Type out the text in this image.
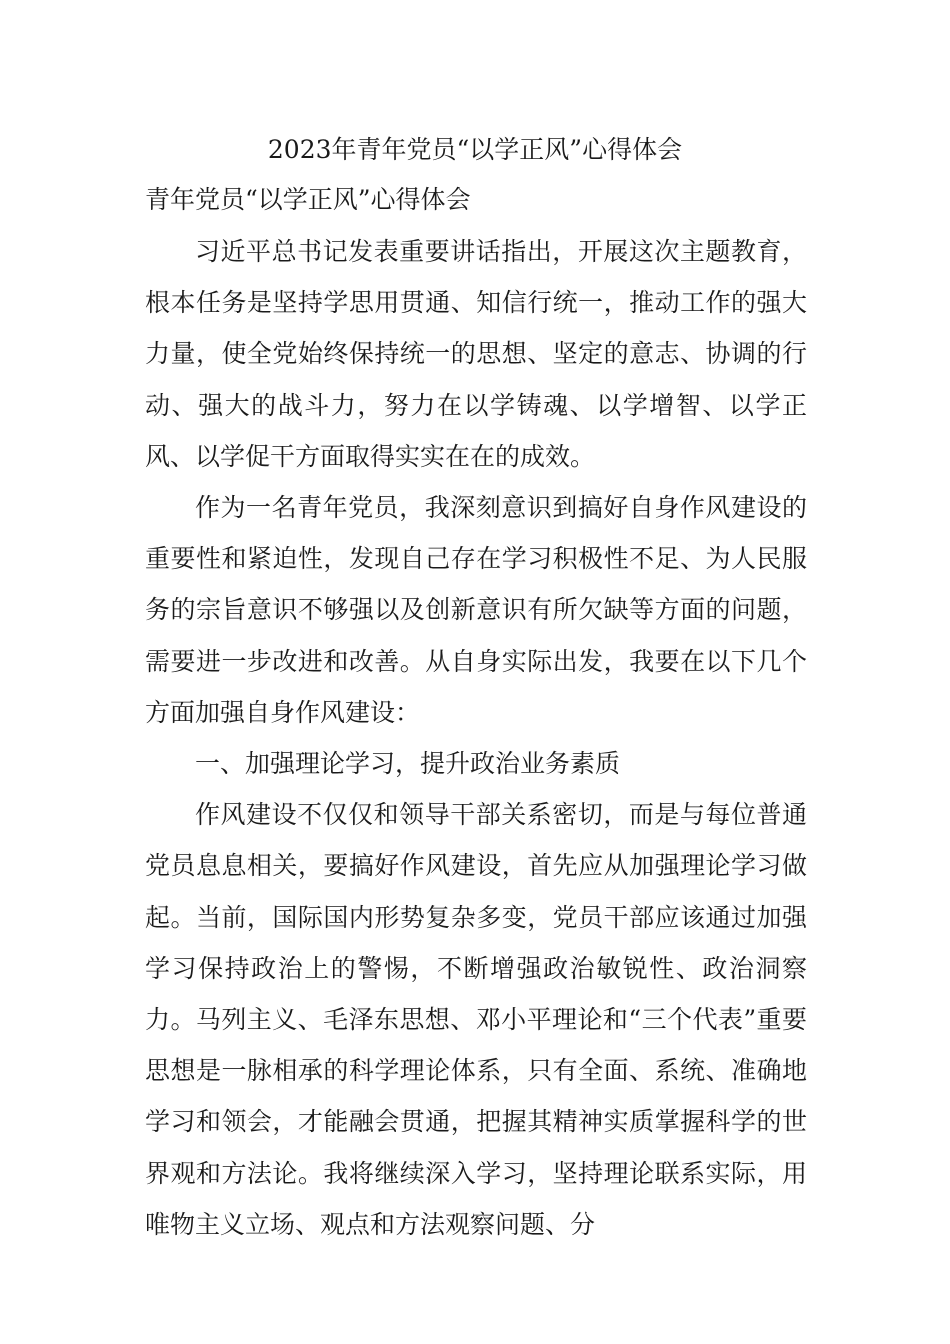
2023年青年党员“以学正风”心得体会
青年党员“以学正风”心得体会

习近平总书记发表重要讲话指出，开展这次主题教育，根本任务是坚持学思用贯通、知信行统一，推动工作的强大力量，使全党始终保持统一的思想、坚定的意志、协调的行动、强大的战斗力，努力在以学铸魂、以学增智、以学正风、以学促干方面取得实实在在的成效。

作为一名青年党员，我深刻意识到搞好自身作风建设的重要性和紧迫性，发现自己存在学习积极性不足、为人民服务的宗旨意识不够强以及创新意识有所欠缺等方面的问题，需要进一步改进和改善。从自身实际出发，我要在以下几个方面加强自身作风建设：

一、加强理论学习，提升政治业务素质

作风建设不仅仅和领导干部关系密切，而是与每位普通党员息息相关，要搞好作风建设，首先应从加强理论学习做起。当前，国际国内形势复杂多变，党员干部应该通过加强学习保持政治上的警惕，不断增强政治敏锐性、政治洞察力。马列主义、毛泽东思想、邓小平理论和“三个代表”重要思想是一脉相承的科学理论体系，只有全面、系统、准确地学习和领会，才能融会贯通，把握其精神实质掌握科学的世界观和方法论。我将继续深入学习，坚持理论联系实际，用唯物主义立场、观点和方法观察问题、分
